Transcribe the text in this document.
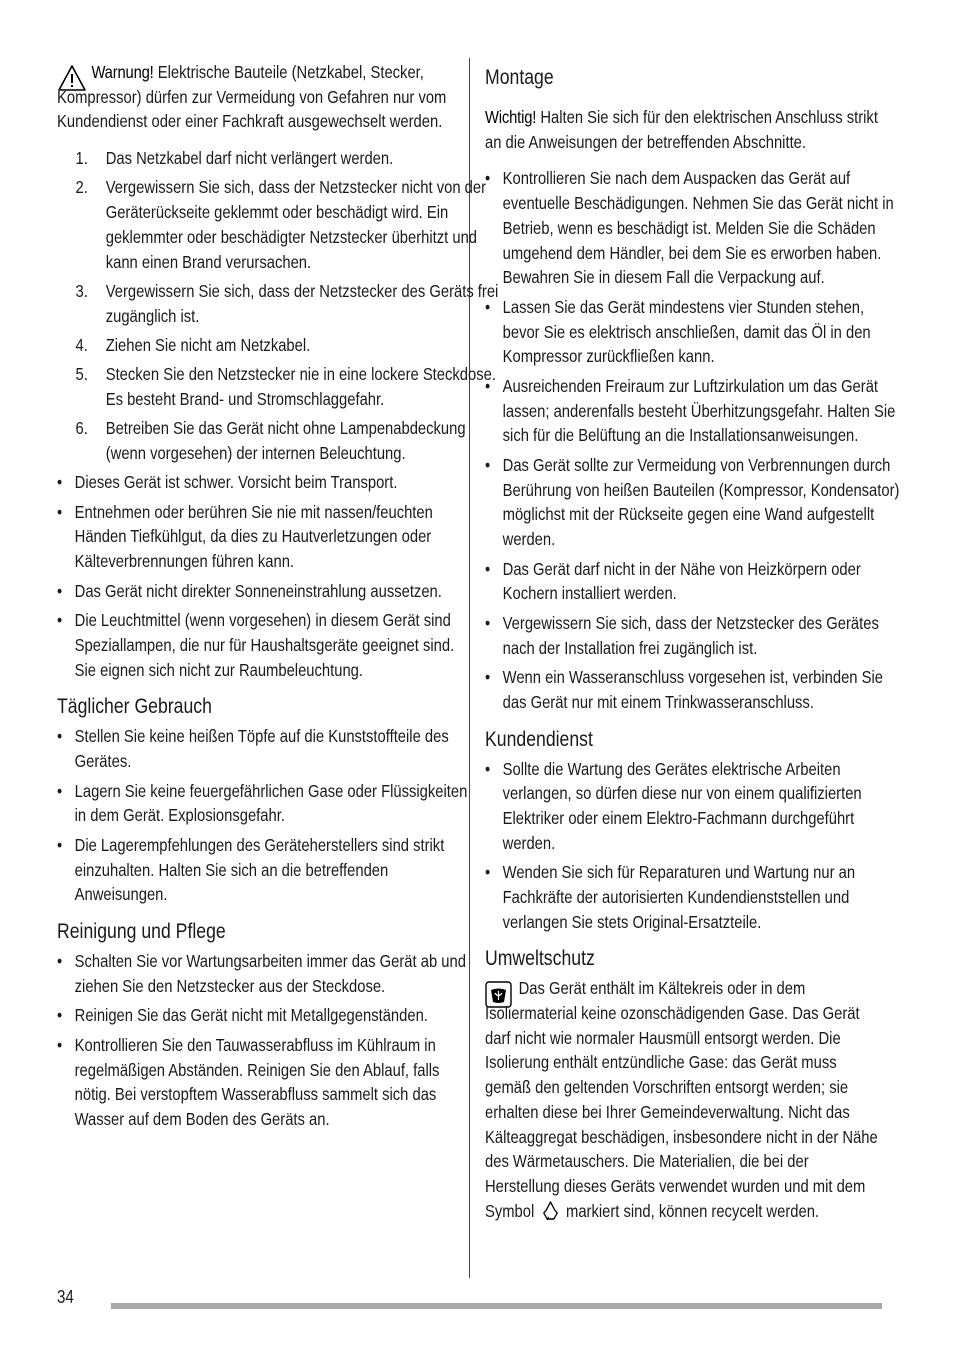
Warnung! Elektrische Bauteile (Netzkabel, Stecker, Kompressor) dürfen zur Vermeidung von Gefahren nur vom Kundendienst oder einer Fachkraft ausgewechselt werden.

1. Das Netzkabel darf nicht verlängert werden.
2. Vergewissern Sie sich, dass der Netzstecker nicht von der Geräterückseite geklemmt oder beschädigt wird. Ein geklemmter oder beschädigter Netzstecker überhitzt und kann einen Brand verursachen.
3. Vergewissern Sie sich, dass der Netzstecker des Geräts frei zugänglich ist.
4. Ziehen Sie nicht am Netzkabel.
5. Stecken Sie den Netzstecker nie in eine lockere Steckdose. Es besteht Brand- und Stromschlaggefahr.
6. Betreiben Sie das Gerät nicht ohne Lampenabdeckung (wenn vorgesehen) der internen Beleuchtung.
• Dieses Gerät ist schwer. Vorsicht beim Transport.
• Entnehmen oder berühren Sie nie mit nassen/feuchten Händen Tiefkühlgut, da dies zu Hautverletzungen oder Kälteverbrennungen führen kann.
• Das Gerät nicht direkter Sonneneinstrahlung aussetzen.
• Die Leuchtmittel (wenn vorgesehen) in diesem Gerät sind Speziallampen, die nur für Haushaltsgeräte geeignet sind. Sie eignen sich nicht zur Raumbeleuchtung.
Täglicher Gebrauch
• Stellen Sie keine heißen Töpfe auf die Kunststoffteile des Gerätes.
• Lagern Sie keine feuergefährlichen Gase oder Flüssigkeiten in dem Gerät. Explosionsgefahr.
• Die Lagerempfehlungen des Geräteherstellers sind strikt einzuhalten. Halten Sie sich an die betreffenden Anweisungen.
Reinigung und Pflege
• Schalten Sie vor Wartungsarbeiten immer das Gerät ab und ziehen Sie den Netzstecker aus der Steckdose.
• Reinigen Sie das Gerät nicht mit Metallgegenständen.
• Kontrollieren Sie den Tauwasserabfluss im Kühlraum in regelmäßigen Abständen. Reinigen Sie den Ablauf, falls nötig. Bei verstopftem Wasserabfluss sammelt sich das Wasser auf dem Boden des Geräts an.
Montage

Wichtig! Halten Sie sich für den elektrischen Anschluss strikt an die Anweisungen der betreffenden Abschnitte.

• Kontrollieren Sie nach dem Auspacken das Gerät auf eventuelle Beschädigungen. Nehmen Sie das Gerät nicht in Betrieb, wenn es beschädigt ist. Melden Sie die Schäden umgehend dem Händler, bei dem Sie es erworben haben. Bewahren Sie in diesem Fall die Verpackung auf.
• Lassen Sie das Gerät mindestens vier Stunden stehen, bevor Sie es elektrisch anschließen, damit das Öl in den Kompressor zurückfließen kann.
• Ausreichenden Freiraum zur Luftzirkulation um das Gerät lassen; anderenfalls besteht Überhitzungsgefahr. Halten Sie sich für die Belüftung an die Installationsanweisungen.
• Das Gerät sollte zur Vermeidung von Verbrennungen durch Berührung von heißen Bauteilen (Kompressor, Kondensator) möglichst mit der Rückseite gegen eine Wand aufgestellt werden.
• Das Gerät darf nicht in der Nähe von Heizkörpern oder Kochern installiert werden.
• Vergewissern Sie sich, dass der Netzstecker des Gerätes nach der Installation frei zugänglich ist.
• Wenn ein Wasseranschluss vorgesehen ist, verbinden Sie das Gerät nur mit einem Trinkwasseranschluss.
Kundendienst
• Sollte die Wartung des Gerätes elektrische Arbeiten verlangen, so dürfen diese nur von einem qualifizierten Elektriker oder einem Elektro-Fachmann durchgeführt werden.
• Wenden Sie sich für Reparaturen und Wartung nur an Fachkräfte der autorisierten Kundendienststellen und verlangen Sie stets Original-Ersatzteile.
Umweltschutz

Das Gerät enthält im Kältekreis oder in dem Isoliermaterial keine ozonschädigenden Gase. Das Gerät darf nicht wie normaler Hausmüll entsorgt werden. Die Isolierung enthält entzündliche Gase: das Gerät muss gemäß den geltenden Vorschriften entsorgt werden; sie erhalten diese bei Ihrer Gemeindeverwaltung. Nicht das Kälteaggregat beschädigen, insbesondere nicht in der Nähe des Wärmetauschers. Die Materialien, die bei der Herstellung dieses Geräts verwendet wurden und mit dem Symbol markiert sind, können recycelt werden.

34
